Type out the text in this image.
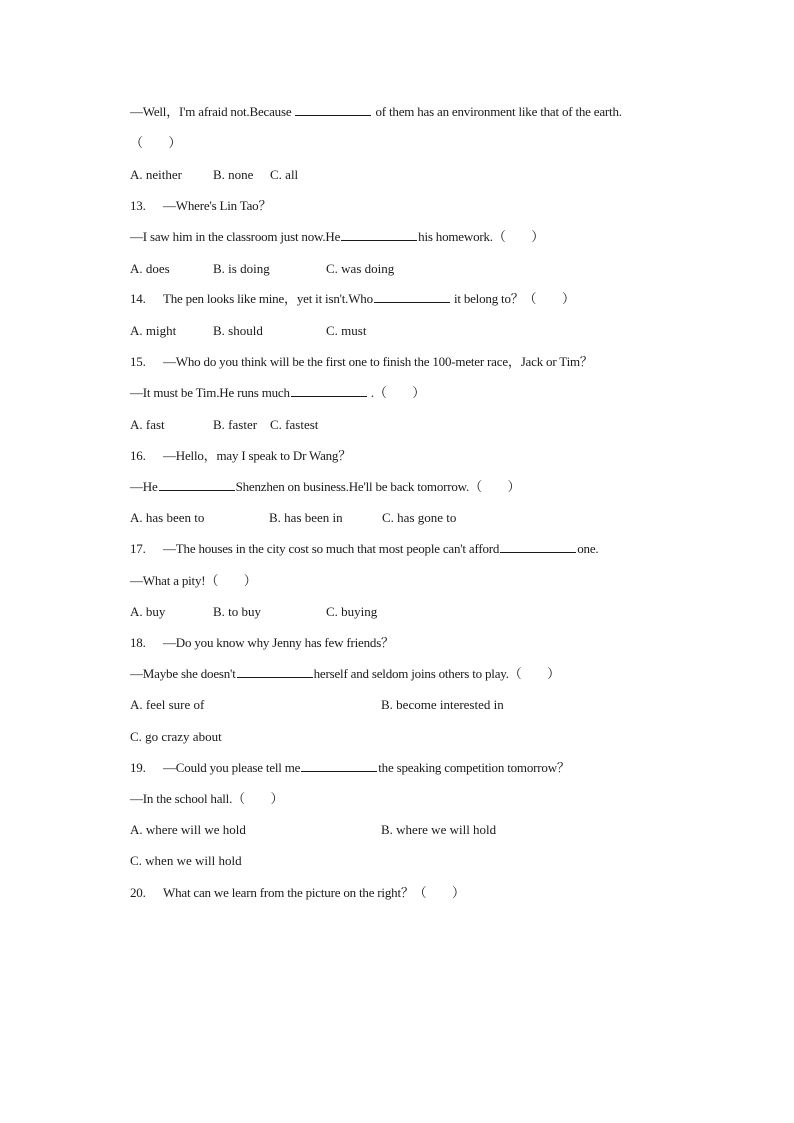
—Well，I'm afraid not.Because	of them has an environment like that of the earth.
（　　）
A. neither B. none C. all
13. —Where's Lin Tao？
—I saw him in the classroom just now.He	his homework.（　　）
A. does	B. is doing	C. was doing
14. The pen looks like mine，yet it isn't.Who	it belong to？（　　）
A. might	B. should	C. must
15. —Who do you think will be the first one to finish the 100-meter race，Jack or Tim？
—It must be Tim.He runs much	.（　　）
A. fast	B. faster C. fastest
16. —Hello，may I speak to Dr Wang？
—He	Shenzhen on business.He'll be back tomorrow.（　　）
A. has been to	B. has been in	C. has gone to
17. —The houses in the city cost so much that most people can't afford	one.
—What a pity!（　　）
A. buy	B. to buy	C. buying
18. —Do you know why Jenny has few friends？
—Maybe she doesn't	herself and seldom joins others to play.（　　）
A. feel sure of	B. become interested in
C. go crazy about
19. —Could you please tell me	the speaking competition tomorrow？
—In the school hall.（　　）
A. where will we hold	B. where we will hold
C. when we will hold
20. What can we learn from the picture on the right？（　　）
